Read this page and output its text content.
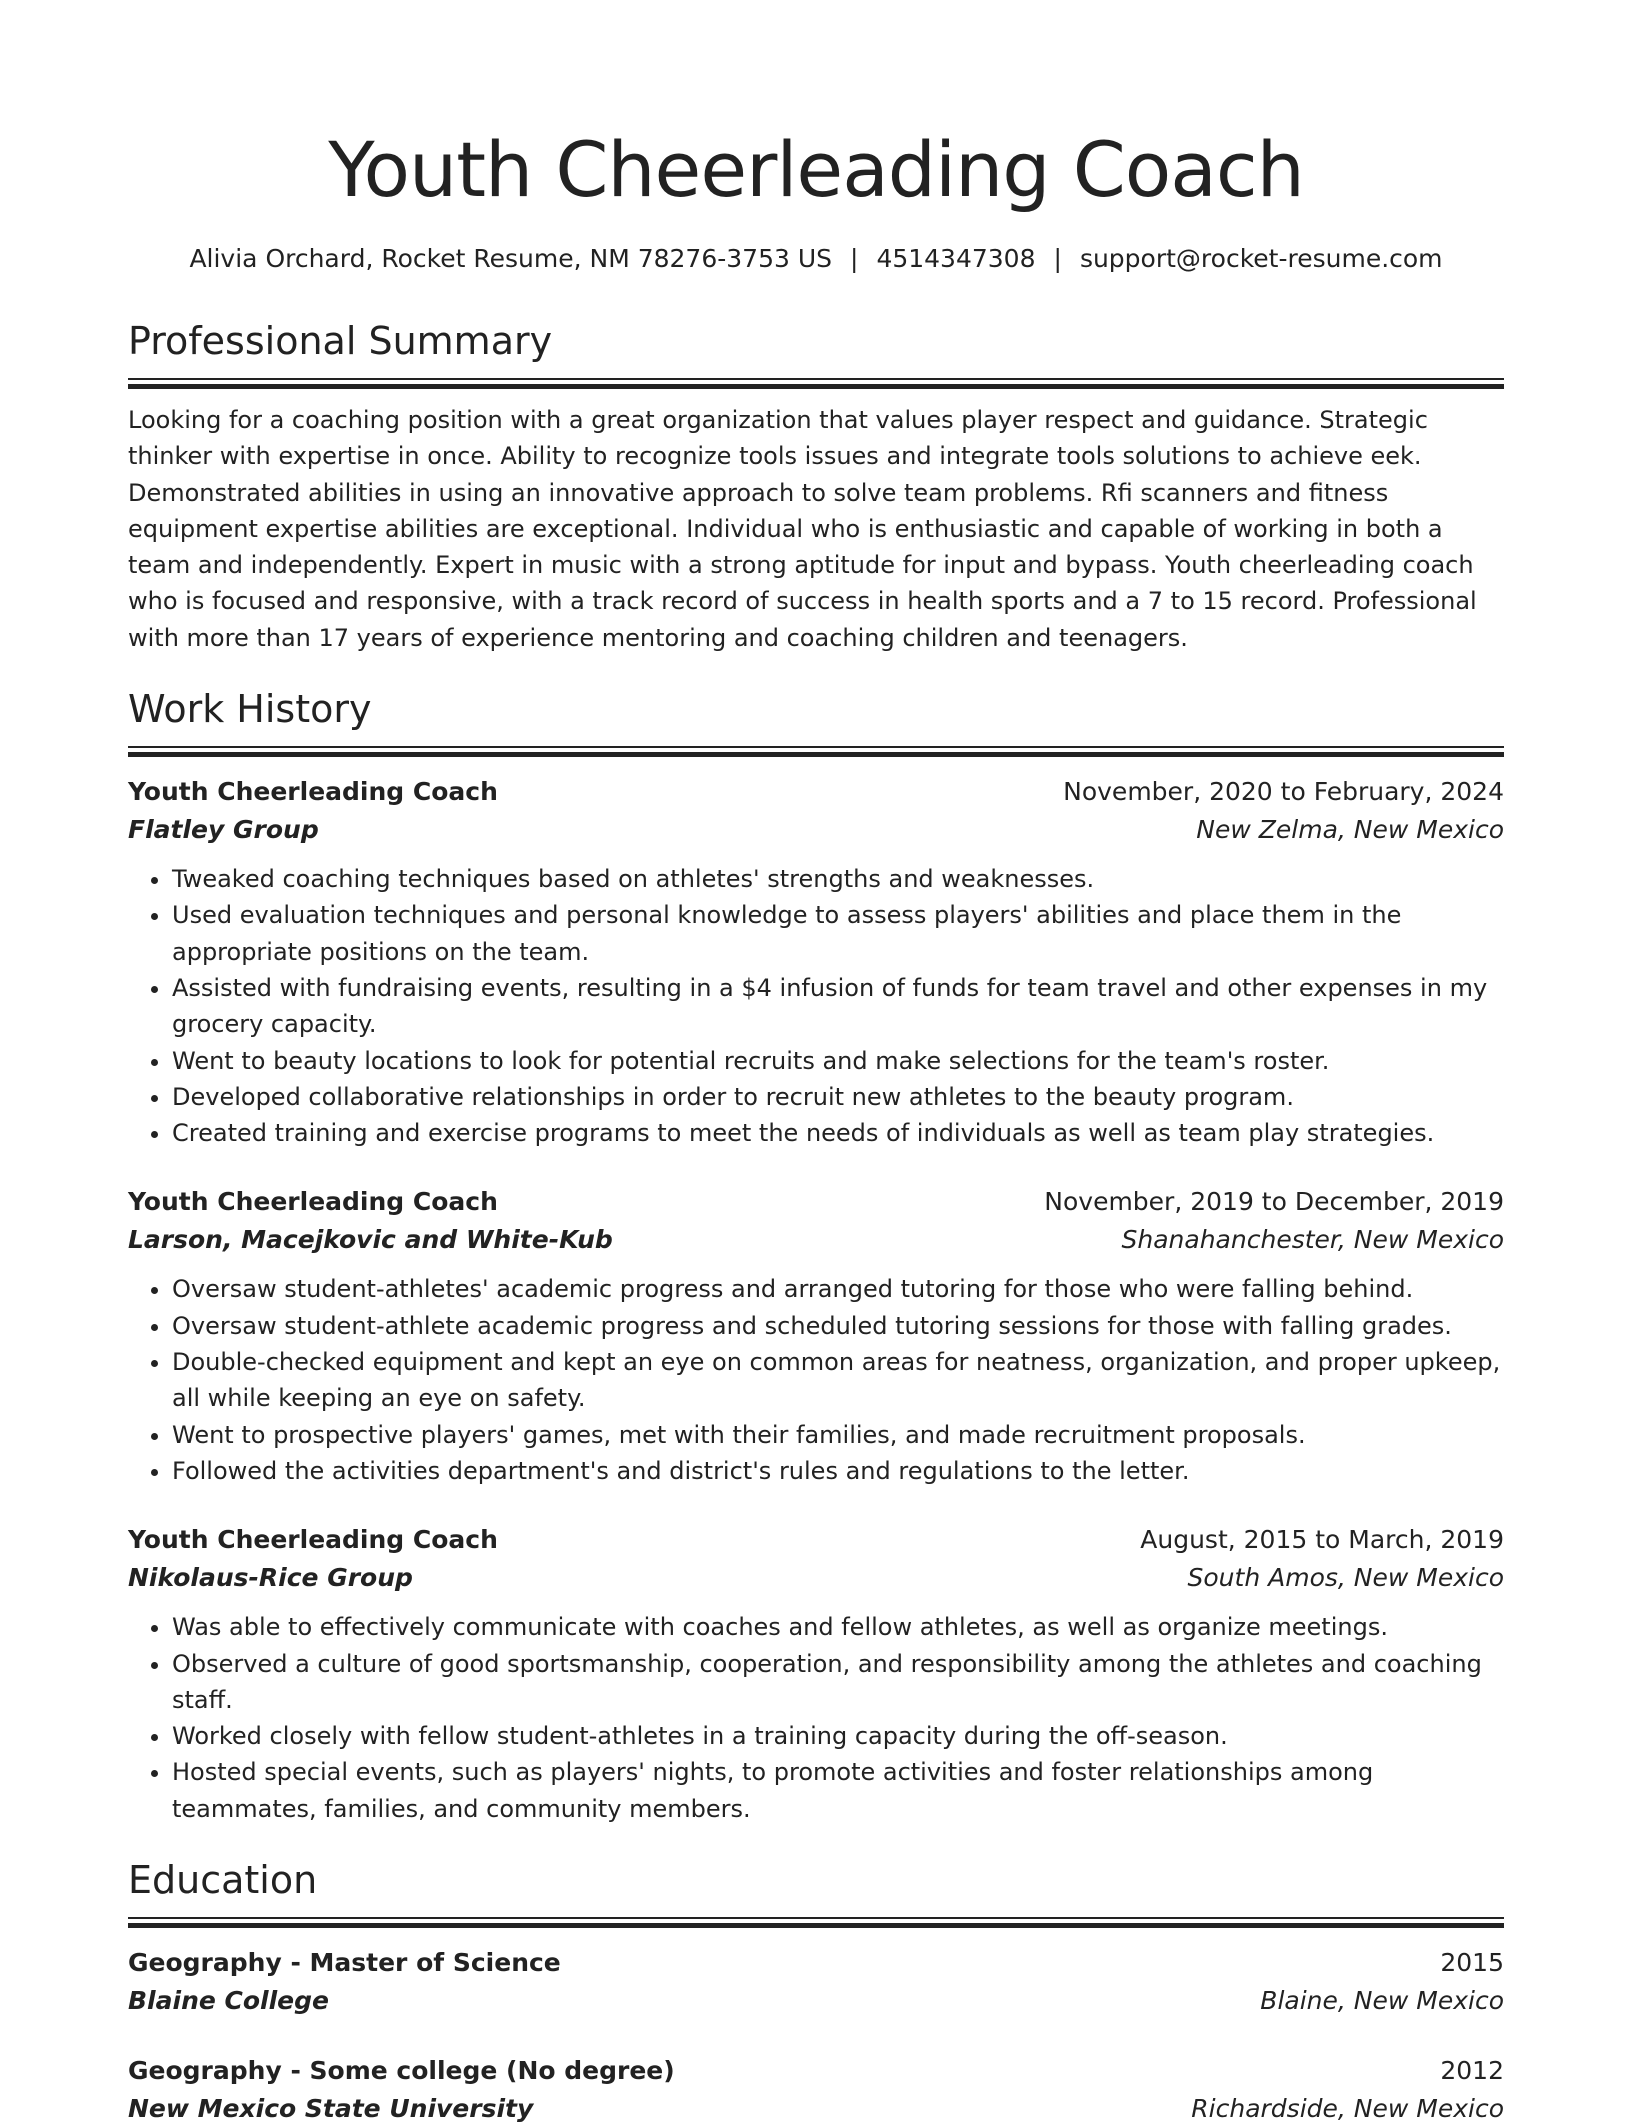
Youth Cheerleading Coach
Alivia Orchard, Rocket Resume, NM 78276-3753 US | 4514347308 | support@rocket-resume.com
Professional Summary
Looking for a coaching position with a great organization that values player respect and guidance. Strategic thinker with expertise in once. Ability to recognize tools issues and integrate tools solutions to achieve eek. Demonstrated abilities in using an innovative approach to solve team problems. Rfi scanners and fitness equipment expertise abilities are exceptional. Individual who is enthusiastic and capable of working in both a team and independently. Expert in music with a strong aptitude for input and bypass. Youth cheerleading coach who is focused and responsive, with a track record of success in health sports and a 7 to 15 record. Professional with more than 17 years of experience mentoring and coaching children and teenagers.
Work History
Youth Cheerleading Coach	November, 2020 to February, 2024
Flatley Group	New Zelma, New Mexico
• Tweaked coaching techniques based on athletes' strengths and weaknesses.
• Used evaluation techniques and personal knowledge to assess players' abilities and place them in the appropriate positions on the team.
• Assisted with fundraising events, resulting in a $4 infusion of funds for team travel and other expenses in my grocery capacity.
• Went to beauty locations to look for potential recruits and make selections for the team's roster.
• Developed collaborative relationships in order to recruit new athletes to the beauty program.
• Created training and exercise programs to meet the needs of individuals as well as team play strategies.
Youth Cheerleading Coach	November, 2019 to December, 2019
Larson, Macejkovic and White-Kub	Shanahanchester, New Mexico
• Oversaw student-athletes' academic progress and arranged tutoring for those who were falling behind.
• Oversaw student-athlete academic progress and scheduled tutoring sessions for those with falling grades.
• Double-checked equipment and kept an eye on common areas for neatness, organization, and proper upkeep, all while keeping an eye on safety.
• Went to prospective players' games, met with their families, and made recruitment proposals.
• Followed the activities department's and district's rules and regulations to the letter.
Youth Cheerleading Coach	August, 2015 to March, 2019
Nikolaus-Rice Group	South Amos, New Mexico
• Was able to effectively communicate with coaches and fellow athletes, as well as organize meetings.
• Observed a culture of good sportsmanship, cooperation, and responsibility among the athletes and coaching staff.
• Worked closely with fellow student-athletes in a training capacity during the off-season.
• Hosted special events, such as players' nights, to promote activities and foster relationships among teammates, families, and community members.
Education
Geography - Master of Science	2015
Blaine College	Blaine, New Mexico
Geography - Some college (No degree)	2012
New Mexico State University	Richardside, New Mexico
